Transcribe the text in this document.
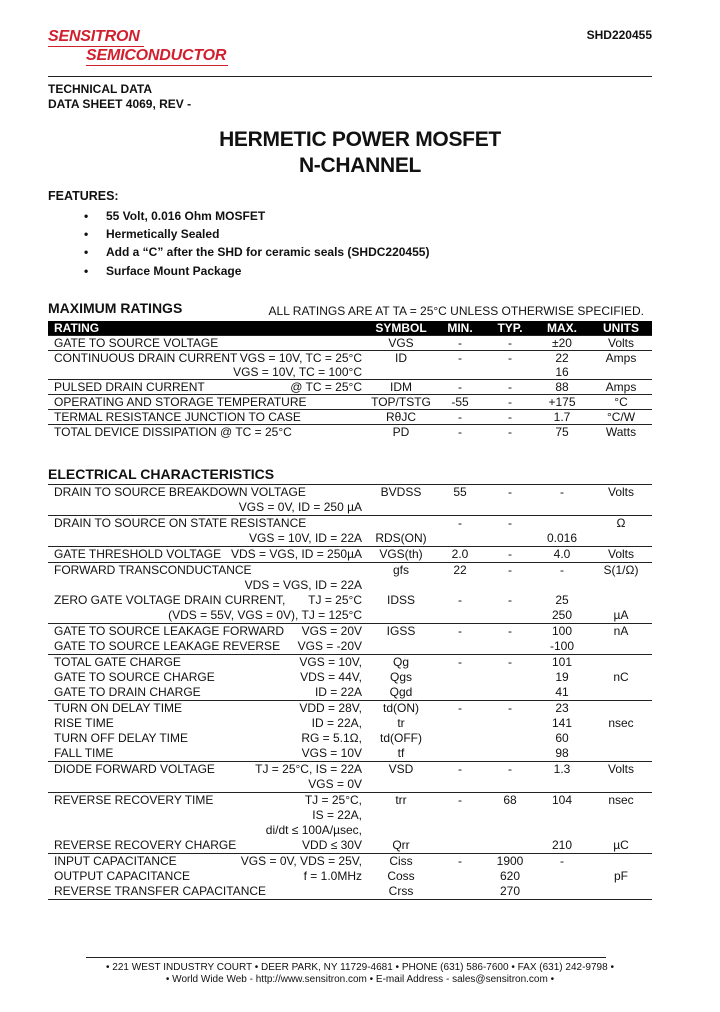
SENSITRON
SEMICONDUCTOR
SHD220455
TECHNICAL DATA
DATA SHEET 4069, REV -
HERMETIC POWER MOSFET
N-CHANNEL
FEATURES:
• 55 Volt, 0.016 Ohm MOSFET
• Hermetically Sealed
• Add a “C” after the SHD for ceramic seals (SHDC220455)
• Surface Mount Package
MAXIMUM RATINGS	ALL RATINGS ARE AT TA = 25°C UNLESS OTHERWISE SPECIFIED.
RATING	SYMBOL	MIN.	TYP.	MAX.	UNITS
GATE TO SOURCE VOLTAGE	VGS	-	-	±20	Volts
CONTINUOUS DRAIN CURRENT VGS = 10V, TC = 25°C	ID	-	-	22	Amps

VGS = 10V, TC = 100°C				16	
PULSED DRAIN CURRENT @ TC = 25°C	IDM	-	-	88	Amps
OPERATING AND STORAGE TEMPERATURE	TOP/TSTG	-55	-	+175	°C
TERMAL RESISTANCE JUNCTION TO CASE	RθJC	-	-	1.7	°C/W
TOTAL DEVICE DISSIPATION @ TC = 25°C	PD	-	-	75	Watts
ELECTRICAL CHARACTERISTICS
DRAIN TO SOURCE BREAKDOWN VOLTAGE	BVDSS	55	-	-	Volts

VGS = 0V, ID = 250 µA					

DRAIN TO SOURCE ON STATE RESISTANCE		-	-		Ω

VGS = 10V, ID = 22A	RDS(ON)			0.016	
GATE THRESHOLD VOLTAGE VDS = VGS, ID = 250µA	VGS(th)	2.0	-	4.0	Volts
FORWARD TRANSCONDUCTANCE	gfs	22	-	-	S(1/Ω)

VDS = VGS, ID = 22A					

ZERO GATE VOLTAGE DRAIN CURRENT, TJ = 25°C	IDSS	-	-	25	

(VDS = 55V, VGS = 0V), TJ = 125°C				250	µA
GATE TO SOURCE LEAKAGE FORWARD VGS = 20V	IGSS	-	-	100	nA
GATE TO SOURCE LEAKAGE REVERSE VGS = -20V				-100	
TOTAL GATE CHARGE VGS = 10V,	Qg	-	-	101	
GATE TO SOURCE CHARGE VDS = 44V,	Qgs			19	nC
GATE TO DRAIN CHARGE ID = 22A	Qgd			41	
TURN ON DELAY TIME VDD = 28V,	td(ON)	-	-	23	
RISE TIME ID = 22A,	tr			141	nsec
TURN OFF DELAY TIME RG = 5.1Ω,	td(OFF)			60	
FALL TIME VGS = 10V	tf			98	
DIODE FORWARD VOLTAGE TJ = 25°C, IS = 22A	VSD	-	-	1.3	Volts

VGS = 0V					

REVERSE RECOVERY TIME TJ = 25°C,	trr	-	68	104	nsec

IS = 22A,					

di/dt ≤ 100A/µsec,					

REVERSE RECOVERY CHARGE VDD ≤ 30V	Qrr			210	µC
INPUT CAPACITANCE VGS = 0V, VDS = 25V,	Ciss	-	1900	-	
OUTPUT CAPACITANCE f = 1.0MHz	Coss		620		pF
REVERSE TRANSFER CAPACITANCE	Crss		270		
• 221 WEST INDUSTRY COURT • DEER PARK, NY 11729-4681 • PHONE (631) 586-7600 • FAX (631) 242-9798 •
• World Wide Web - http://www.sensitron.com • E-mail Address - sales@sensitron.com •
